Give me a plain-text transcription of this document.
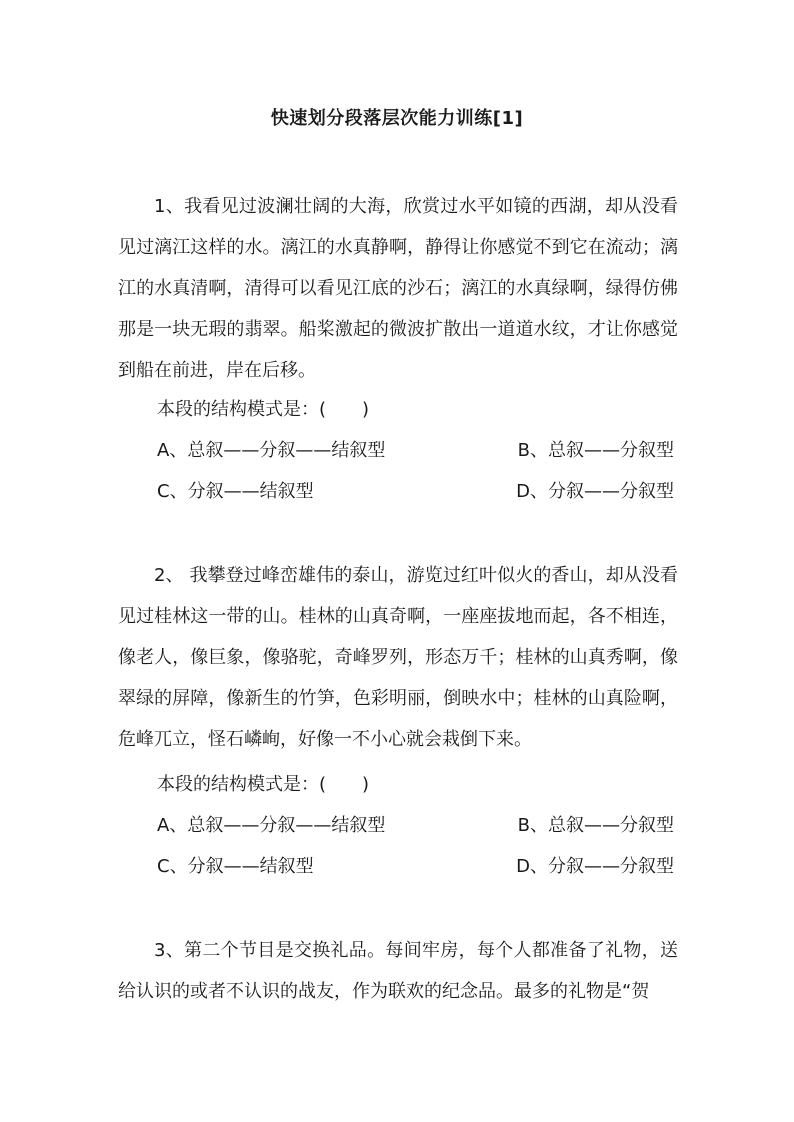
快速划分段落层次能力训练[1]

1、我看见过波澜壮阔的大海，欣赏过水平如镜的西湖，却从没看见过漓江这样的水。漓江的水真静啊，静得让你感觉不到它在流动；漓江的水真清啊，清得可以看见江底的沙石；漓江的水真绿啊，绿得仿佛那是一块无瑕的翡翠。船桨激起的微波扩散出一道道水纹，才让你感觉到船在前进，岸在后移。

本段的结构模式是：(　　)
A、总叙——分叙——结叙型	B、总叙——分叙型
C、分叙——结叙型	D、分叙——分叙型

2、 我攀登过峰峦雄伟的泰山，游览过红叶似火的香山，却从没看见过桂林这一带的山。桂林的山真奇啊，一座座拔地而起，各不相连，像老人，像巨象，像骆驼，奇峰罗列，形态万千；桂林的山真秀啊，像翠绿的屏障，像新生的竹笋，色彩明丽，倒映水中；桂林的山真险啊，危峰兀立，怪石嶙峋，好像一不小心就会栽倒下来。

本段的结构模式是：(　　)
A、总叙——分叙——结叙型	B、总叙——分叙型
C、分叙——结叙型	D、分叙——分叙型

3、第二个节目是交换礼品。每间牢房，每个人都准备了礼物，送给认识的或者不认识的战友，作为联欢的纪念品。最多的礼物是“贺
